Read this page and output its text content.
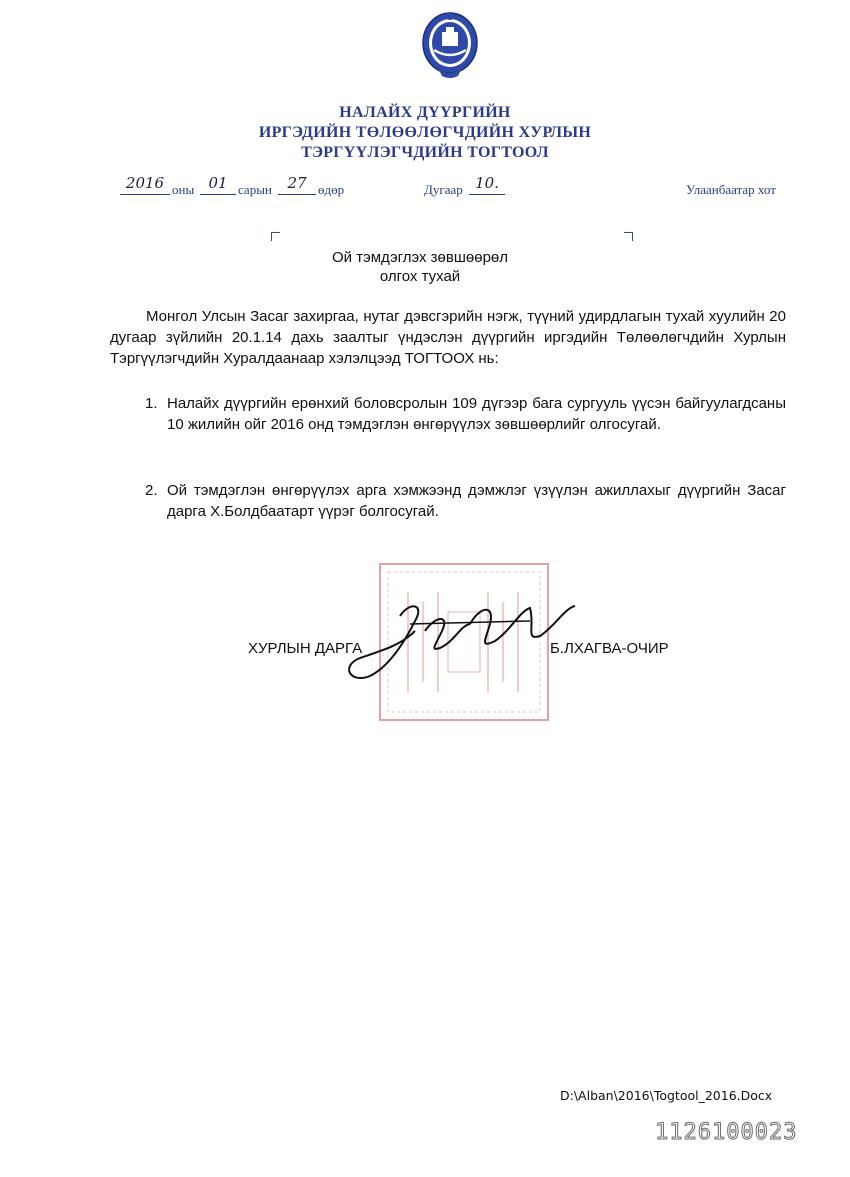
НАЛАЙХ ДҮҮРГИЙН
ИРГЭДИЙН ТӨЛӨӨЛӨГЧДИЙН ХУРЛЫН
ТЭРГҮҮЛЭГЧДИЙН ТОГТООЛ
2016 оны 01 сарын	27 өдөр	Дугаар 10.	Улаанбаатар хот
Ой тэмдэглэх зөвшөөрөл
олгох тухай
Монгол Улсын Засаг захиргаа, нутаг дэвсгэрийн нэгж, түүний удирдлагын тухай хуулийн 20 дугаар зүйлийн 20.1.14 дахь заалтыг үндэслэн дүүргийн иргэдийн Төлөөлөгчдийн Хурлын Тэргүүлэгчдийн Хуралдаанаар хэлэлцээд ТОГТООХ нь:
1. Налайх дүүргийн ерөнхий боловсролын 109 дүгээр бага сургууль үүсэн байгуулагдсаны 10 жилийн ойг 2016 онд тэмдэглэн өнгөрүүлэх зөвшөөрлийг олгосугай.
2. Ой тэмдэглэн өнгөрүүлэх арга хэмжээнд дэмжлэг үзүүлэн ажиллахыг дүүргийн Засаг дарга Х.Болдбаатарт үүрэг болгосугай.
ХУРЛЫН ДАРГА	Б.ЛХАГВА-ОЧИР
D:\Alban\2016\Togtool_2016.Docx
1126100023
